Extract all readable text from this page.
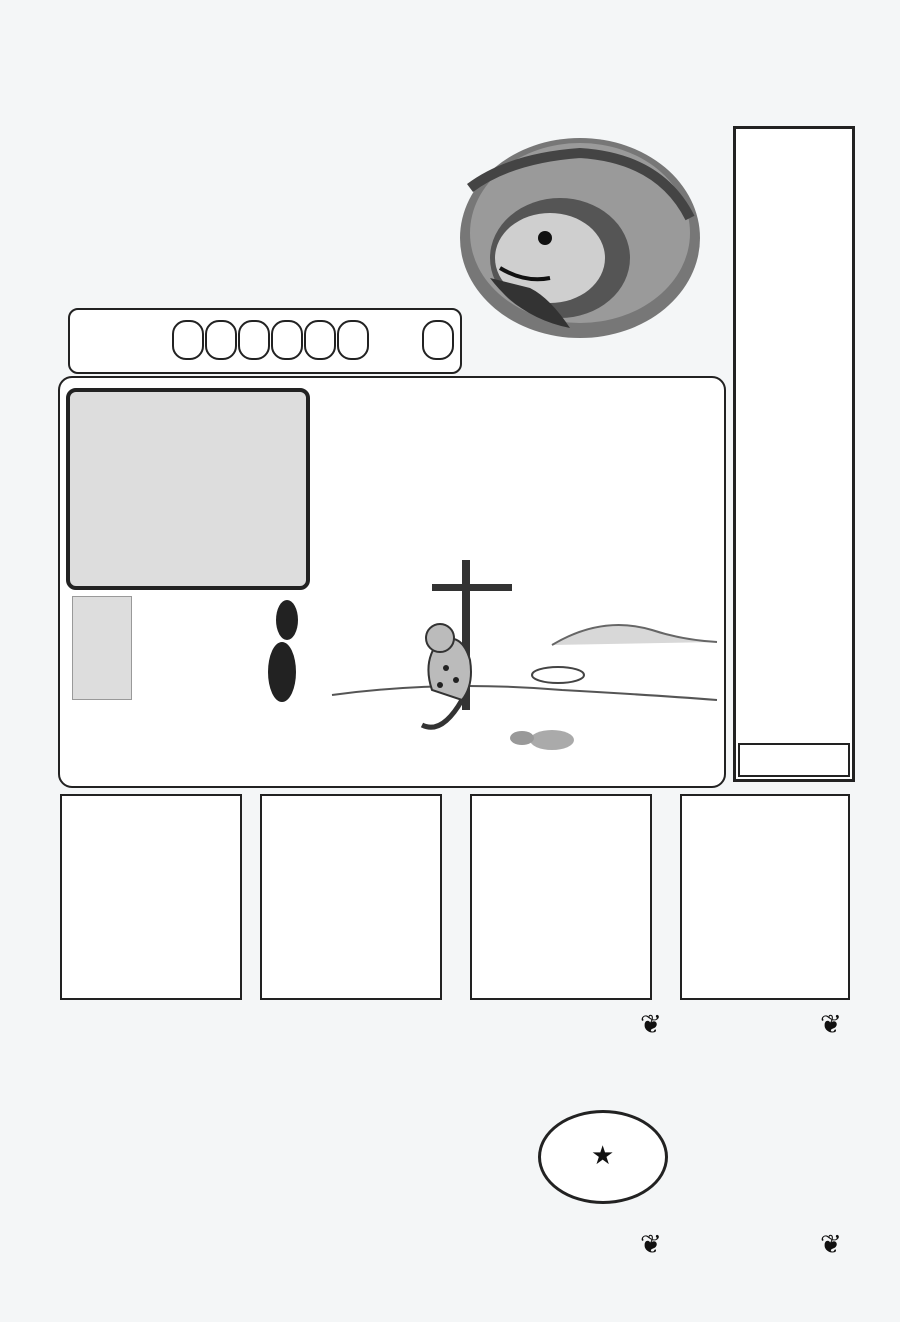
★
❦	❦
❦	❦
